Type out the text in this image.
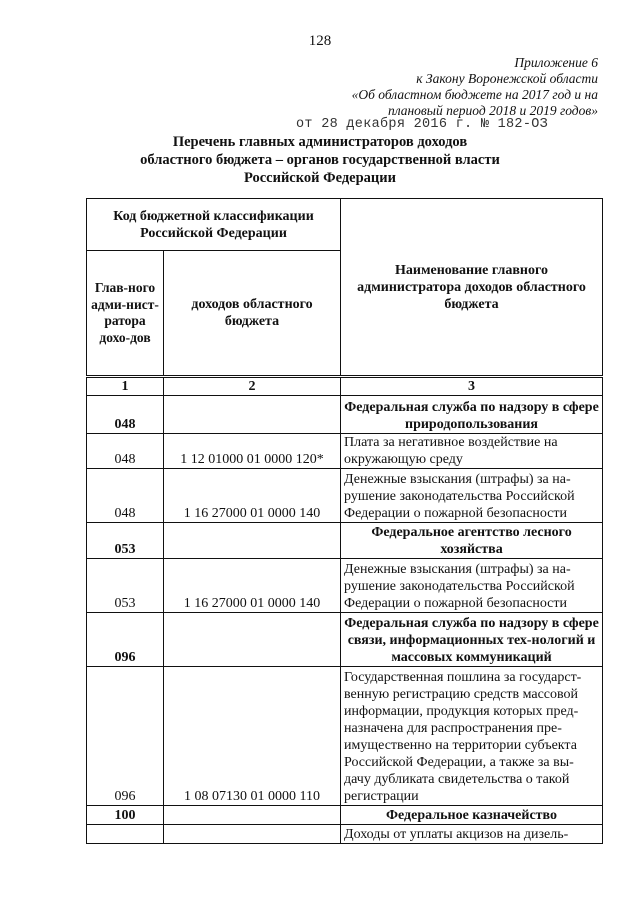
128
Приложение 6
к Закону Воронежской области
«Об областном бюджете на 2017 год и на
плановый период 2018 и 2019 годов»
от 28 декабря 2016 г. № 182-ОЗ
Перечень главных администраторов доходов
областного бюджета – органов государственной власти
Российской Федерации
Код бюджетной классификации Российской Федерации		Наименование главного администратора доходов областного бюджета
Глав-ного адми-нист-ратора дохо-дов	доходов областного бюджета	
1	2	3
048		Федеральная служба по надзору в сфере природопользования
048	1 12 01000 01 0000 120*	Плата за негативное воздействие на окружающую среду
048	1 16 27000 01 0000 140	Денежные взыскания (штрафы) за на-рушение законодательства Российской Федерации о пожарной безопасности
053		Федеральное агентство лесного хозяйства
053	1 16 27000 01 0000 140	Денежные взыскания (штрафы) за на-рушение законодательства Российской Федерации о пожарной безопасности
096		Федеральная служба по надзору в сфере связи, информационных тех-нологий и массовых коммуникаций
096	1 08 07130 01 0000 110	Государственная пошлина за государст-венную регистрацию средств массовой информации, продукция которых пред-назначена для распространения пре-имущественно на территории субъекта Российской Федерации, а также за вы-дачу дубликата свидетельства о такой регистрации
100		Федеральное казначейство
		Доходы от уплаты акцизов на дизель-
